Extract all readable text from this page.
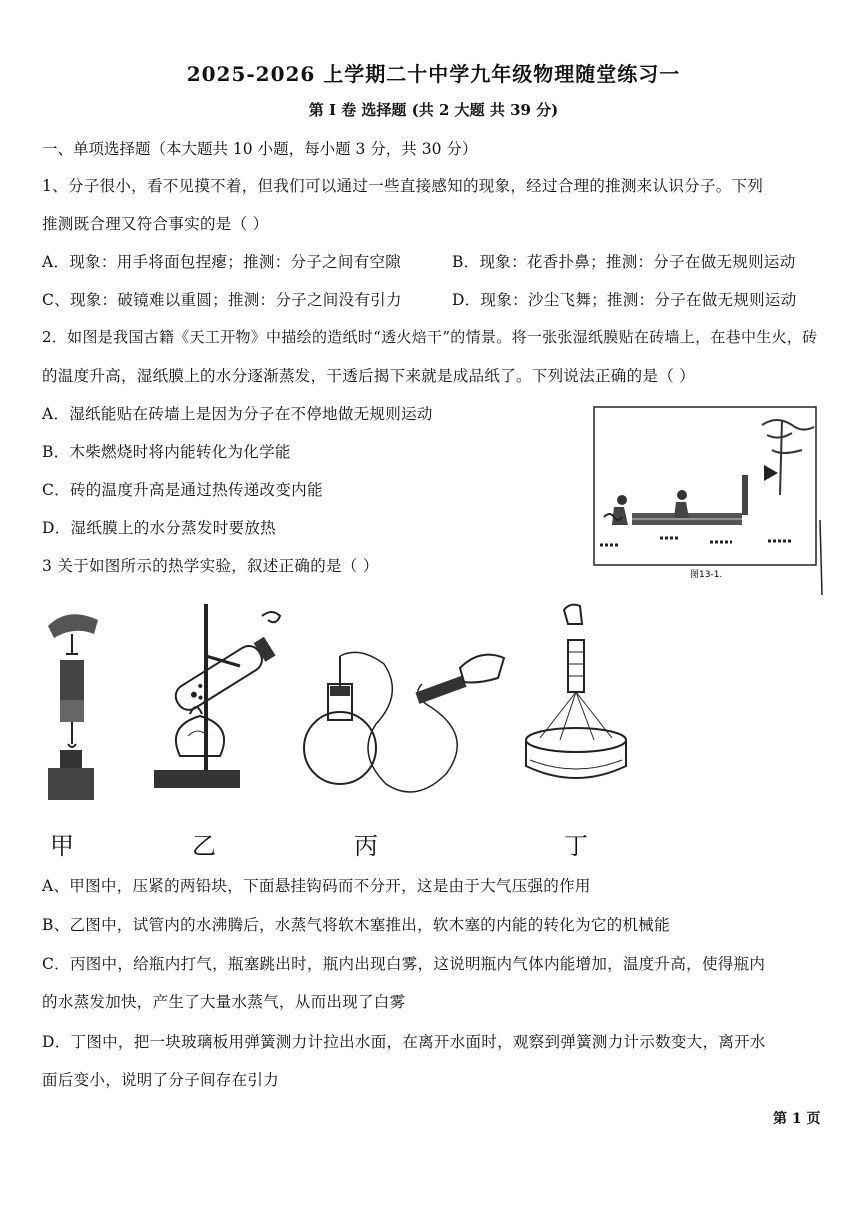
2025-2026 上学期二十中学九年级物理随堂练习一
第 I 卷 选择题 (共 2 大题 共 39 分)
一、单项选择题（本大题共 10 小题，每小题 3 分，共 30 分）
1、分子很小，看不见摸不着，但我们可以通过一些直接感知的现象，经过合理的推测来认识分子。下列
推测既合理又符合事实的是（ ）
A．现象：用手将面包捏瘪；推测：分子之间有空隙	B．现象：花香扑鼻；推测：分子在做无规则运动
C、现象：破镜难以重圆；推测：分子之间没有引力	D．现象：沙尘飞舞；推测：分子在做无规则运动
2．如图是我国古籍《天工开物》中描绘的造纸时“透火焙干”的情景。将一张张湿纸膜贴在砖墙上，在巷中生火，砖
的温度升高，湿纸膜上的水分逐渐蒸发，干透后揭下来就是成品纸了。下列说法正确的是（ ）
A．湿纸能贴在砖墙上是因为分子在不停地做无规则运动
B．木柴燃烧时将内能转化为化学能
C．砖的温度升高是通过热传递改变内能
D．湿纸膜上的水分蒸发时要放热
图13-1.
3 关于如图所示的热学实验，叙述正确的是（ ）
甲	乙	丙	丁
A、甲图中，压紧的两铅块，下面悬挂钩码而不分开，这是由于大气压强的作用
B、乙图中，试管内的水沸腾后，水蒸气将软木塞推出，软木塞的内能的转化为它的机械能
C．丙图中，给瓶内打气，瓶塞跳出时，瓶内出现白雾，这说明瓶内气体内能增加，温度升高，使得瓶内
的水蒸发加快，产生了大量水蒸气，从而出现了白雾
D．丁图中，把一块玻璃板用弹簧测力计拉出水面，在离开水面时，观察到弹簧测力计示数变大，离开水
面后变小，说明了分子间存在引力
第 1 页
